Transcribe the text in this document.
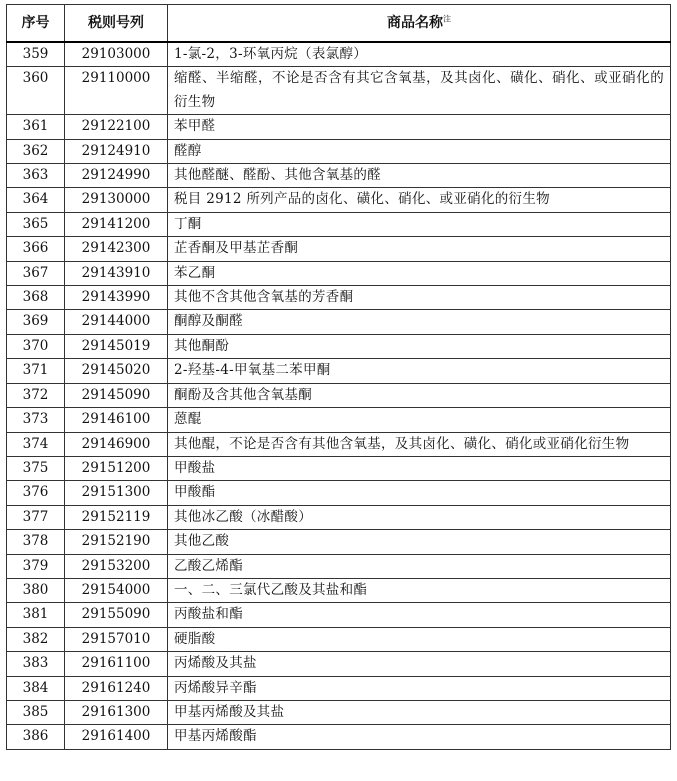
序号	税则号列	商品名称$^注$
359	29103000	1-氯-2，3-环氧丙烷（表氯醇）
360	29110000	缩醛、半缩醛，不论是否含有其它含氧基，及其卤化、磺化、硝化、或亚硝化的衍生物
361	29122100	苯甲醛
362	29124910	醛醇
363	29124990	其他醛醚、醛酚、其他含氧基的醛
364	29130000	税目 2912 所列产品的卤化、磺化、硝化、或亚硝化的衍生物
365	29141200	丁酮
366	29142300	芷香酮及甲基芷香酮
367	29143910	苯乙酮
368	29143990	其他不含其他含氧基的芳香酮
369	29144000	酮醇及酮醛
370	29145019	其他酮酚
371	29145020	2-羟基-4-甲氧基二苯甲酮
372	29145090	酮酚及含其他含氧基酮
373	29146100	蒽醌
374	29146900	其他醌，不论是否含有其他含氧基，及其卤化、磺化、硝化或亚硝化衍生物
375	29151200	甲酸盐
376	29151300	甲酸酯
377	29152119	其他冰乙酸（冰醋酸）
378	29152190	其他乙酸
379	29153200	乙酸乙烯酯
380	29154000	一、二、三氯代乙酸及其盐和酯
381	29155090	丙酸盐和酯
382	29157010	硬脂酸
383	29161100	丙烯酸及其盐
384	29161240	丙烯酸异辛酯
385	29161300	甲基丙烯酸及其盐
386	29161400	甲基丙烯酸酯
